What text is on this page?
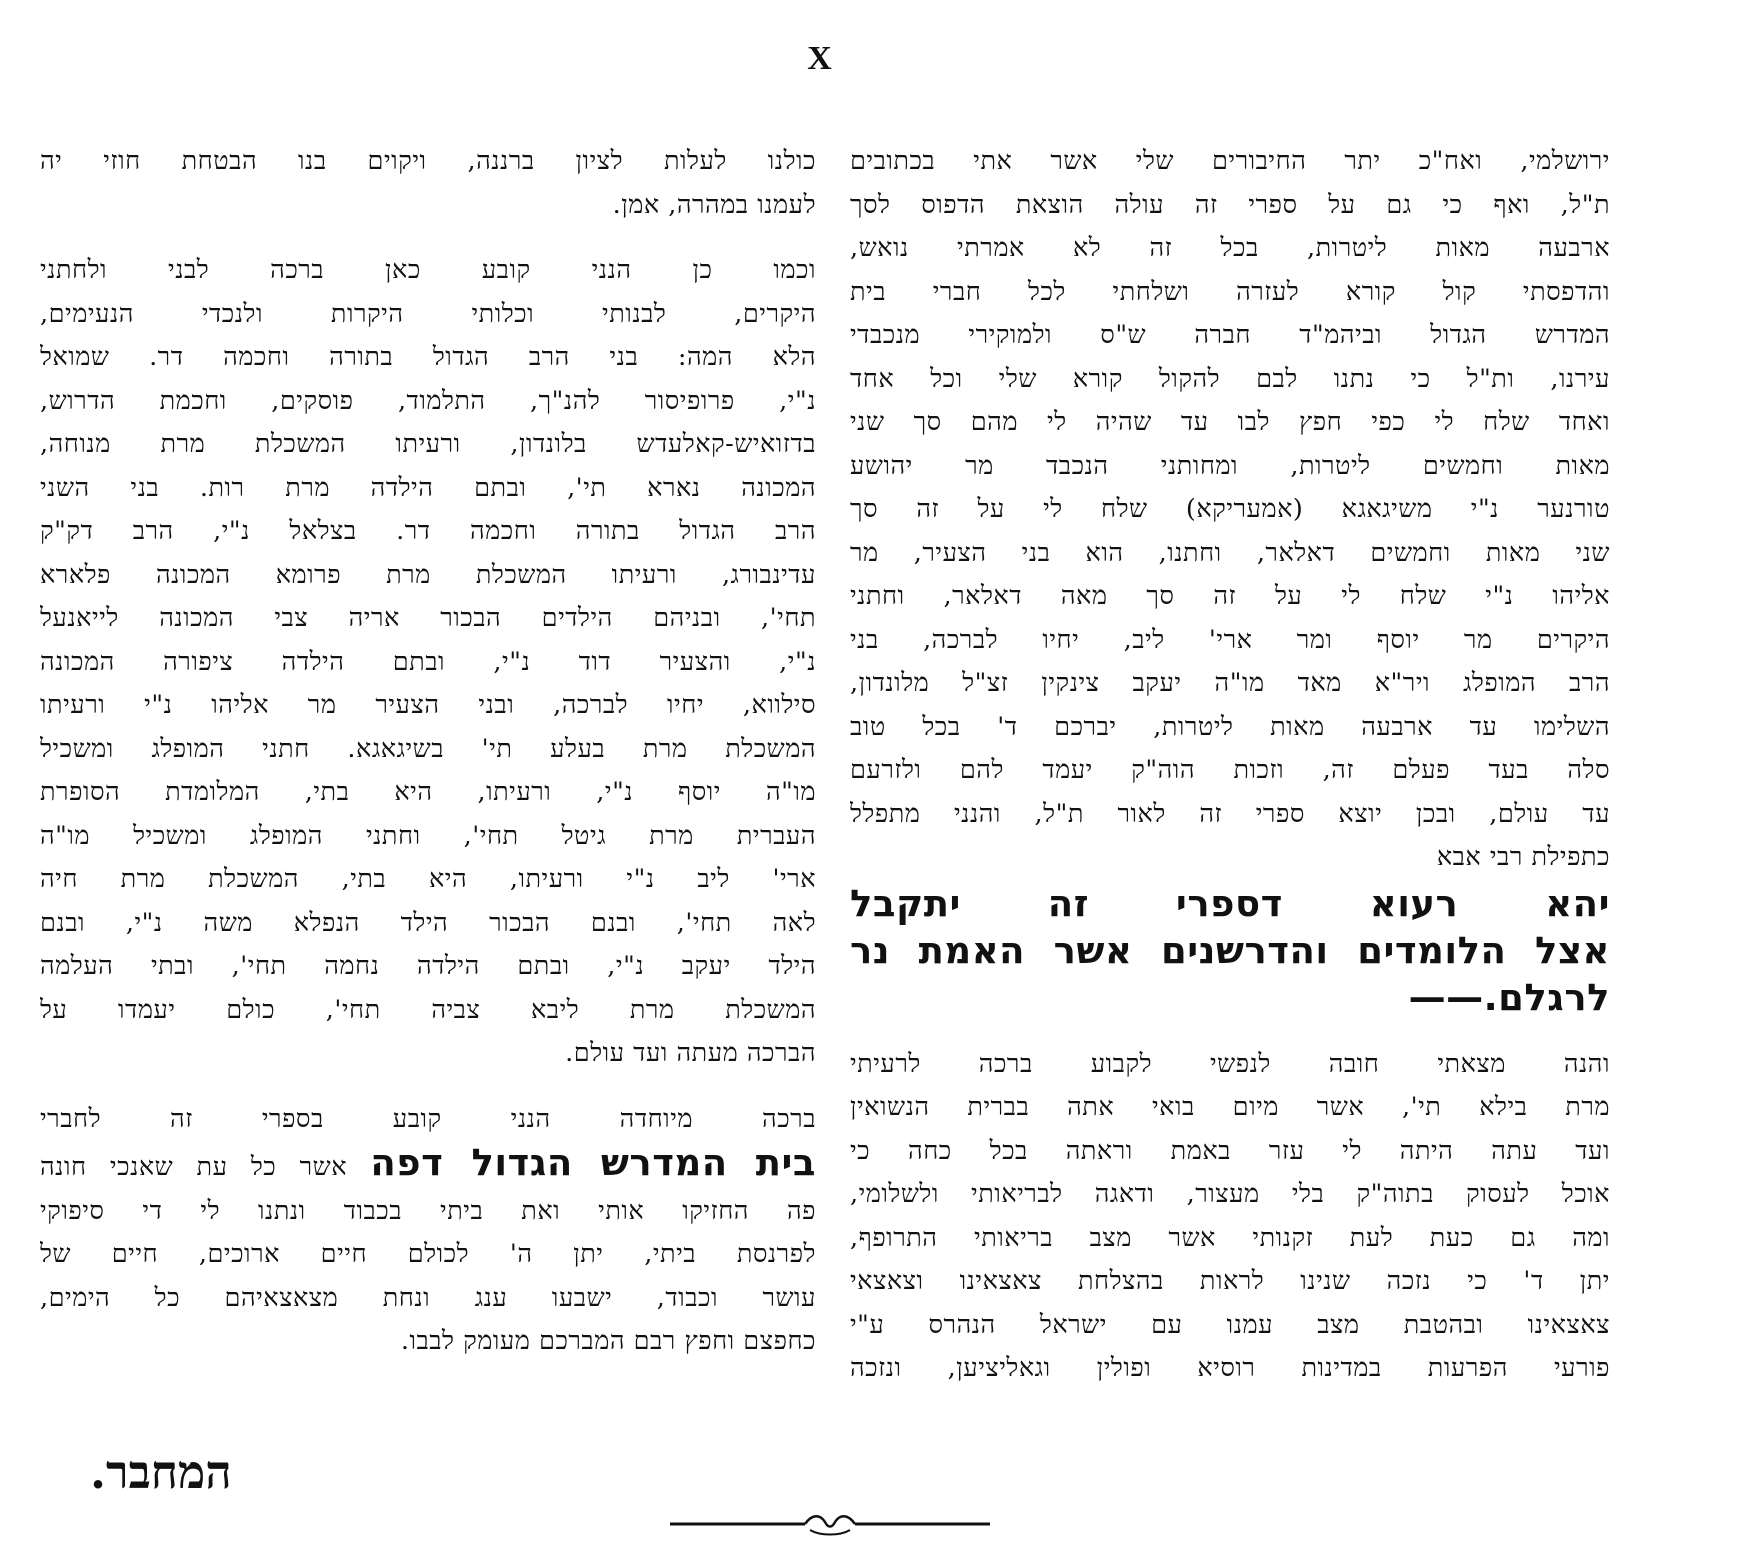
X

ירושלמי, ואח"כ יתר החיבורים שלי אשר אתי בכתובים
ת"ל, ואף כי גם על ספרי זה עולה הוצאת הדפוס לסך
ארבעה מאות ליטרות, בכל זה לא אמרתי נואש,
והדפסתי קול קורא לעזרה ושלחתי לכל חברי בית
המדרש הגדול וביהמ"ד חברה ש"ס ולמוקירי מנכבדי
עירנו, ות"ל כי נתנו לבם להקול קורא שלי וכל אחד
ואחד שלח לי כפי חפץ לבו עד שהיה לי מהם סך שני
מאות וחמשים ליטרות, ומחותני הנכבד מר יהושע
טורנער נ"י משיגאגא (אמעריקא) שלח לי על זה סך
שני מאות וחמשים דאלאר, וחתנו, הוא בני הצעיר, מר
אליהו נ"י שלח לי על זה סך מאה דאלאר, וחתני
היקרים מר יוסף ומר ארי' ליב, יחיו לברכה, בני
הרב המופלג ויר"א מאד מו"ה יעקב צינקין זצ"ל מלונדון,
השלימו עד ארבעה מאות ליטרות, יברכם ד' בכל טוב
סלה בעד פעלם זה, וזכות הוה"ק יעמד להם ולזרעם
עד עולם, ובכן יוצא ספרי זה לאור ת"ל, והנני מתפלל
כתפילת רבי אבא
יהא רעוא דספרי זה יתקבל
אצל הלומדים והדרשנים אשר האמת נר
לרגלם.——

והנה מצאתי חובה לנפשי לקבוע ברכה לרעיתי
מרת בילא תי', אשר מיום בואי אתה בברית הנשואין
ועד עתה היתה לי עזר באמת וראתה בכל כחה כי
אוכל לעסוק בתוה"ק בלי מעצור, ודאגה לבריאותי ולשלומי,
ומה גם כעת לעת זקנותי אשר מצב בריאותי התרופף,
יתן ד' כי נזכה שנינו לראות בהצלחת צאצאינו וצאצאי
צאצאינו ובהטבת מצב עמנו עם ישראל הנהרס ע"י
פורעי הפרעות במדינות רוסיא ופולין וגאליציען, ונזכה

כולנו לעלות לציון ברננה, ויקוים בנו הבטחת חוזי יה
לעמנו במהרה, אמן.

וכמו כן הנני קובע כאן ברכה לבני ולחתני
היקרים, לבנותי וכלותי היקרות ולנכדי הנעימים,
הלא המה: בני הרב הגדול בתורה וחכמה דר. שמואל
נ"י, פרופיסור להנ"ך, התלמוד, פוסקים, וחכמת הדרוש,
בדזואיש-קאלעדש בלונדון, ורעיתו המשכלת מרת מנוחה,
המכונה נארא תי', ובתם הילדה מרת רות. בני השני
הרב הגדול בתורה וחכמה דר. בצלאל נ"י, הרב דק"ק
עדינבורג, ורעיתו המשכלת מרת פרומא המכונה פלארא
תחי', ובניהם הילדים הבכור אריה צבי המכונה לייאנעל
נ"י, והצעיר דוד נ"י, ובתם הילדה ציפורה המכונה
סילווא, יחיו לברכה, ובני הצעיר מר אליהו נ"י ורעיתו
המשכלת מרת בעלע תי' בשיגאגא. חתני המופלג ומשכיל
מו"ה יוסף נ"י, ורעיתו, היא בתי, המלומדת הסופרת
העברית מרת גיטל תחי', וחתני המופלג ומשכיל מו"ה
ארי' ליב נ"י ורעיתו, היא בתי, המשכלת מרת חיה
לאה תחי', ובנם הבכור הילד הנפלא משה נ"י, ובנם
הילד יעקב נ"י, ובתם הילדה נחמה תחי', ובתי העלמה
המשכלת מרת ליבא צביה תחי', כולם יעמדו על
הברכה מעתה ועד עולם.

ברכה מיוחדה הנני קובע בספרי זה לחברי
בית המדרש הגדול דפה אשר כל עת שאנכי חונה
פה החזיקו אותי ואת ביתי בכבוד ונתנו לי די סיפוקי
לפרנסת ביתי, יתן ה' לכולם חיים ארוכים, חיים של
עושר וכבוד, ישבעו ענג ונחת מצאצאיהם כל הימים,
כחפצם וחפץ רבם המברכם מעומק לבבו.

המחבר.
